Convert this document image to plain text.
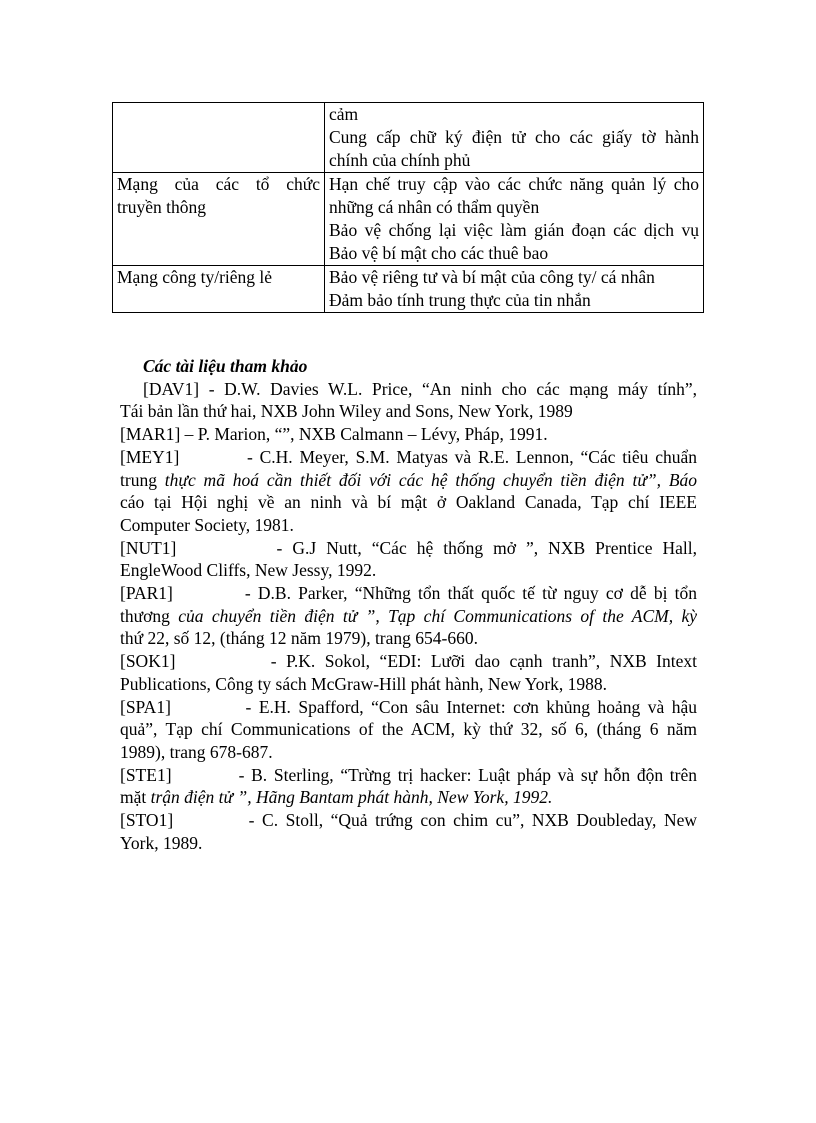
	cảm
Cung cấp chữ ký điện tử cho các giấy tờ hành
chính của chính phủ

Mạng của các tổ chức
truyền thông	Hạn chế truy cập vào các chức năng quản lý cho
những cá nhân có thẩm quyền
Bảo vệ chống lại việc làm gián đoạn các dịch vụ
Bảo vệ bí mật cho các thuê bao

Mạng công ty/riêng lẻ	Bảo vệ riêng tư và bí mật của công ty/ cá nhân
Đảm bảo tính trung thực của tin nhắn
Các tài liệu tham khảo
[DAV1] - D.W. Davies W.L. Price, “An ninh cho các mạng máy tính”,
Tái bản lần thứ hai, NXB John Wiley and Sons, New York, 1989
[MAR1] – P. Marion, “”, NXB Calmann – Lévy, Pháp, 1991.
[MEY1]	- C.H. Meyer, S.M. Matyas và R.E. Lennon, “Các tiêu chuẩn
trung thực mã hoá cần thiết đối với các hệ thống chuyển tiền điện tử”, Báo
cáo tại Hội nghị về an ninh và bí mật ở Oakland Canada, Tạp chí IEEE
Computer Society, 1981.
[NUT1]	- G.J Nutt, “Các hệ thống mở ”, NXB Prentice Hall,
EngleWood Cliffs, New Jessy, 1992.
[PAR1]	- D.B. Parker, “Những tổn thất quốc tế từ nguy cơ dễ bị tổn
thương của chuyển tiền điện tử ”, Tạp chí Communications of the ACM, kỳ
thứ 22, số 12, (tháng 12 năm 1979), trang 654-660.
[SOK1]	- P.K. Sokol, “EDI: Lưỡi dao cạnh tranh”, NXB Intext
Publications, Công ty sách McGraw-Hill phát hành, New York, 1988.
[SPA1]	- E.H. Spafford, “Con sâu Internet: cơn khủng hoảng và hậu
quả”, Tạp chí Communications of the ACM, kỳ thứ 32, số 6, (tháng 6 năm
1989), trang 678-687.
[STE1]	- B. Sterling, “Trừng trị hacker: Luật pháp và sự hỗn độn trên
mặt trận điện tử ”, Hãng Bantam phát hành, New York, 1992.
[STO1]	- C. Stoll, “Quả trứng con chim cu”, NXB Doubleday, New
York, 1989.
